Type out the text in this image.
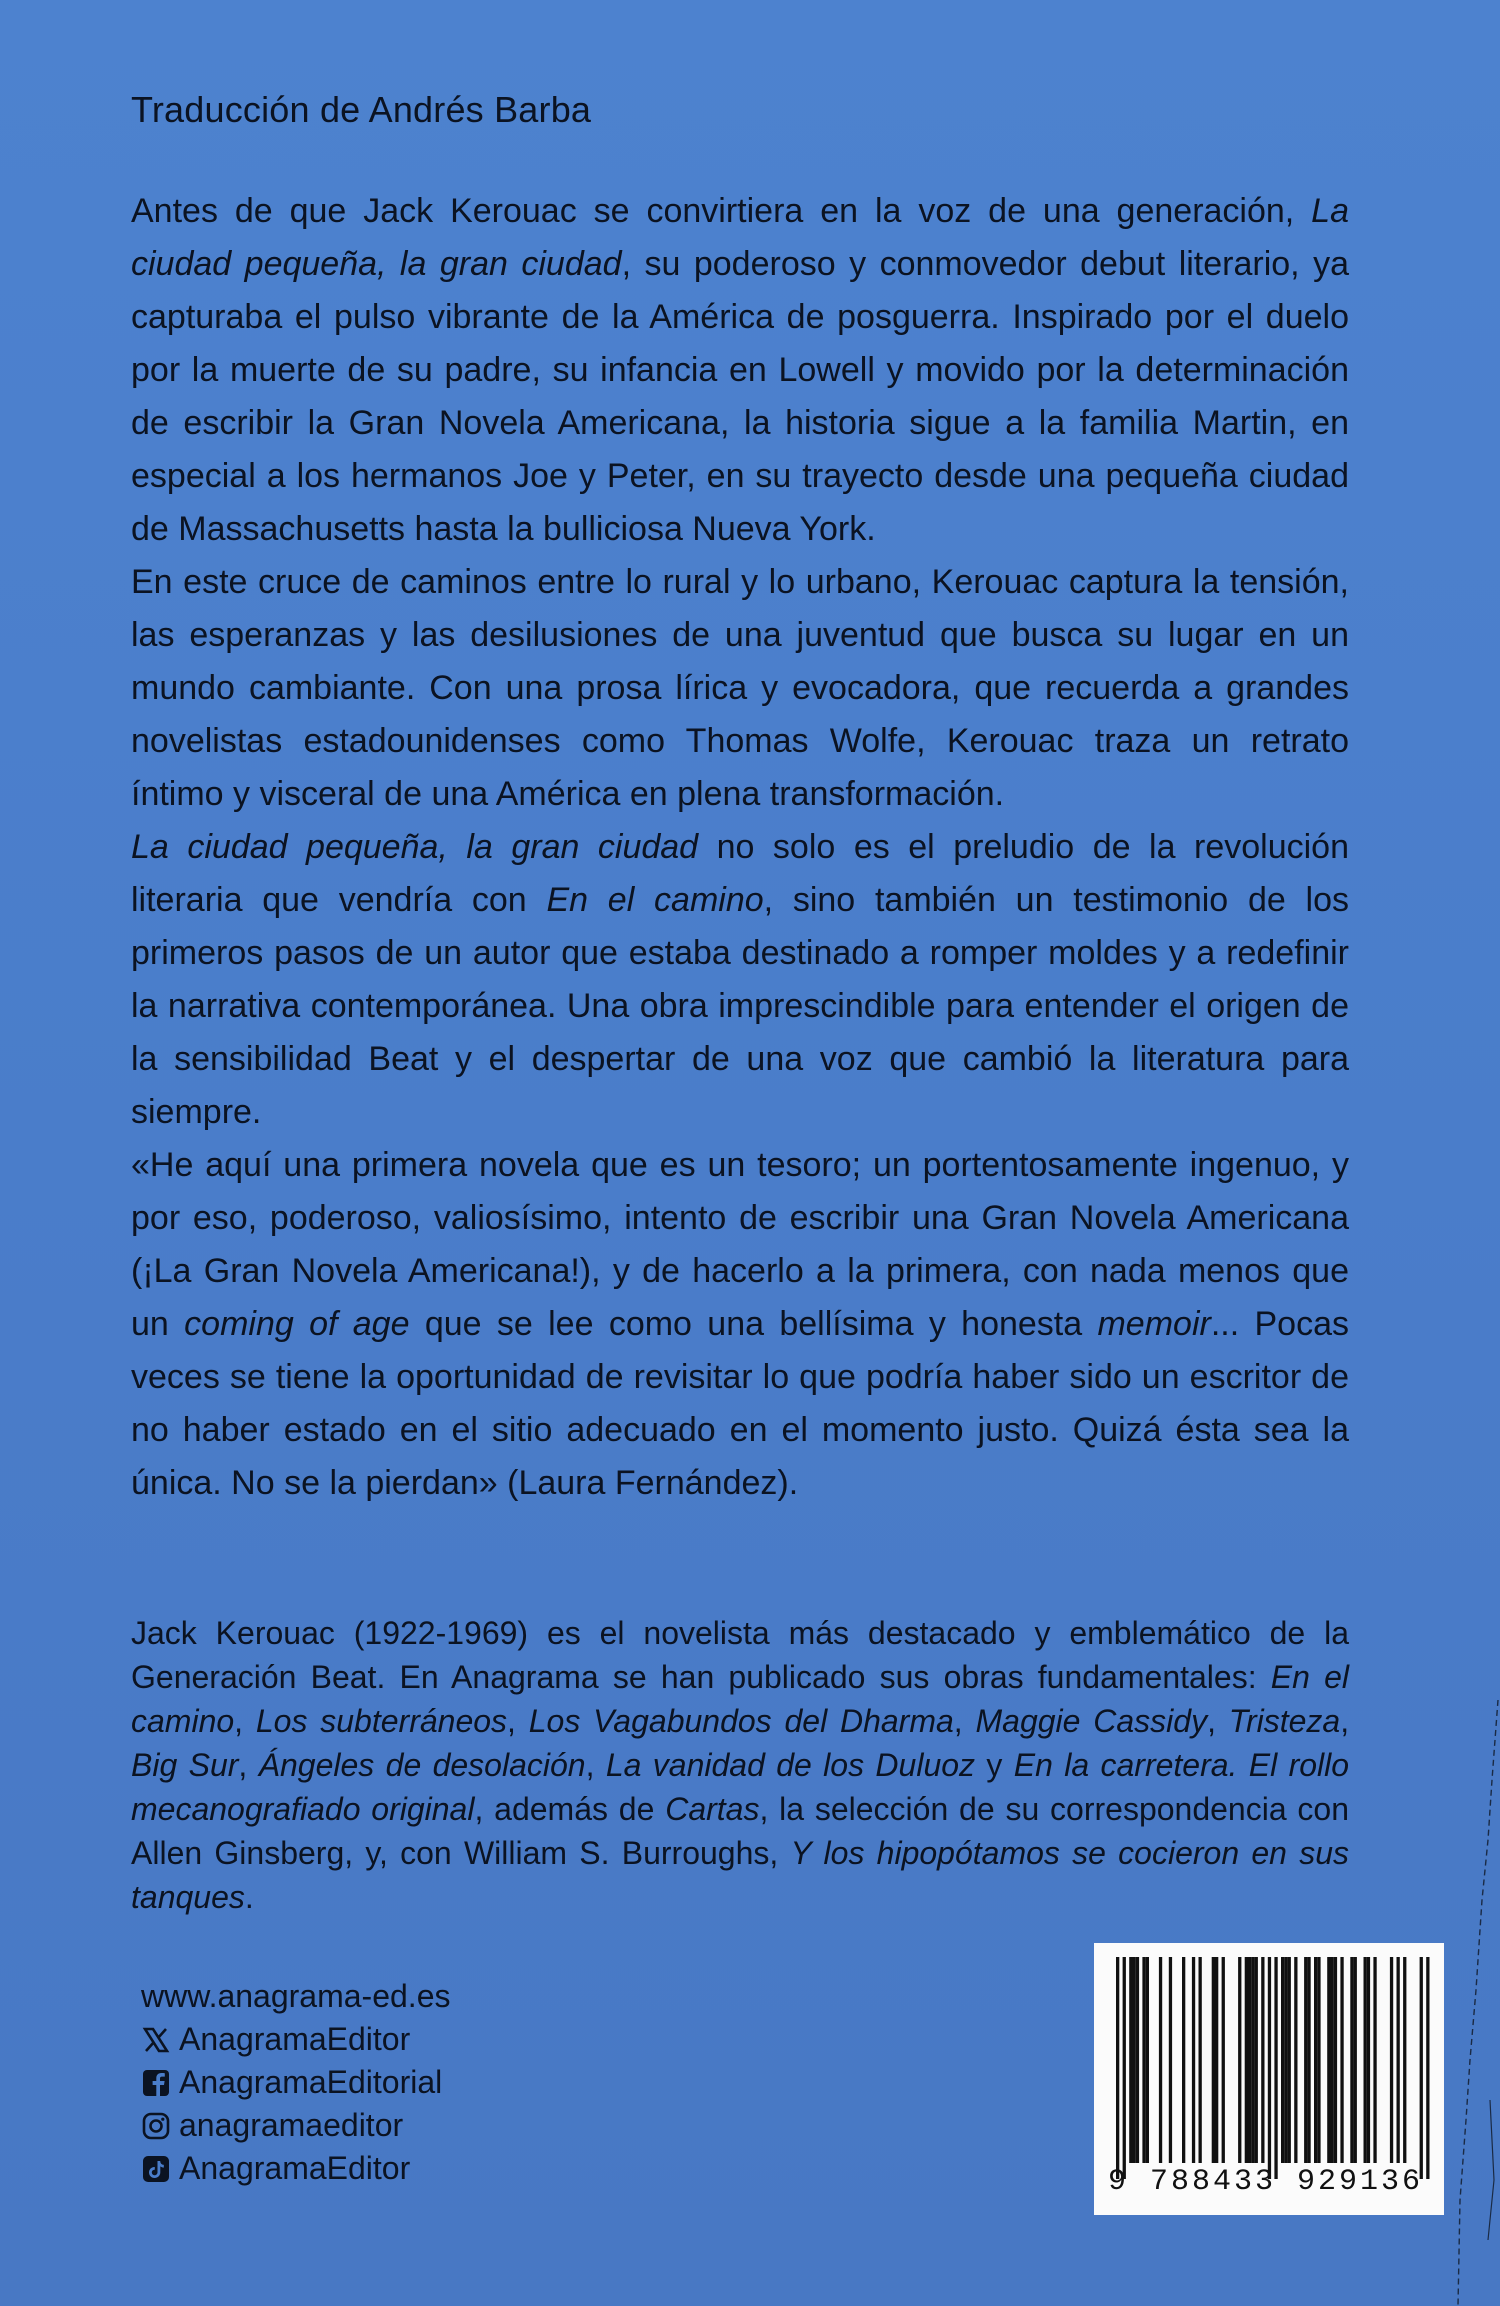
Traducción de Andrés Barba

Antes de que Jack Kerouac se convirtiera en la voz de una generación, La ciudad pequeña, la gran ciudad, su poderoso y conmovedor debut literario, ya capturaba el pulso vibrante de la América de posguerra. Inspirado por el duelo por la muerte de su padre, su infancia en Lowell y movido por la determinación de escribir la Gran Novela Americana, la historia sigue a la familia Martin, en especial a los hermanos Joe y Peter, en su trayecto desde una pequeña ciudad de Massachusetts hasta la bulliciosa Nueva York.

En este cruce de caminos entre lo rural y lo urbano, Kerouac captura la tensión, las esperanzas y las desilusiones de una juventud que busca su lugar en un mundo cambiante. Con una prosa lírica y evocadora, que recuerda a grandes novelistas estadounidenses como Thomas Wolfe, Kerouac traza un retrato íntimo y visceral de una América en plena transformación.

La ciudad pequeña, la gran ciudad no solo es el preludio de la revolución literaria que vendría con En el camino, sino también un testimonio de los primeros pasos de un autor que estaba destinado a romper moldes y a redefinir la narrativa contemporánea. Una obra imprescindible para entender el origen de la sensibilidad Beat y el despertar de una voz que cambió la literatura para siempre.

«He aquí una primera novela que es un tesoro; un portentosamente ingenuo, y por eso, poderoso, valiosísimo, intento de escribir una Gran Novela Americana (¡La Gran Novela Americana!), y de hacerlo a la primera, con nada menos que un coming of age que se lee como una bellísima y honesta memoir... Pocas veces se tiene la oportunidad de revisitar lo que podría haber sido un escritor de no haber estado en el sitio adecuado en el momento justo. Quizá ésta sea la única. No se la pierdan» (Laura Fernández).

Jack Kerouac (1922-1969) es el novelista más destacado y emblemático de la Generación Beat. En Anagrama se han publicado sus obras fundamentales: En el camino, Los subterráneos, Los Vagabundos del Dharma, Maggie Cassidy, Tristeza, Big Sur, Ángeles de desolación, La vanidad de los Duluoz y En la carretera. El rollo mecanografiado original, además de Cartas, la selección de su correspondencia con Allen Ginsberg, y, con William S. Burroughs, Y los hipopótamos se cocieron en sus tanques.

www.anagrama-ed.es
AnagramaEditor
AnagramaEditorial
anagramaeditor
AnagramaEditor	9 788433 929136
